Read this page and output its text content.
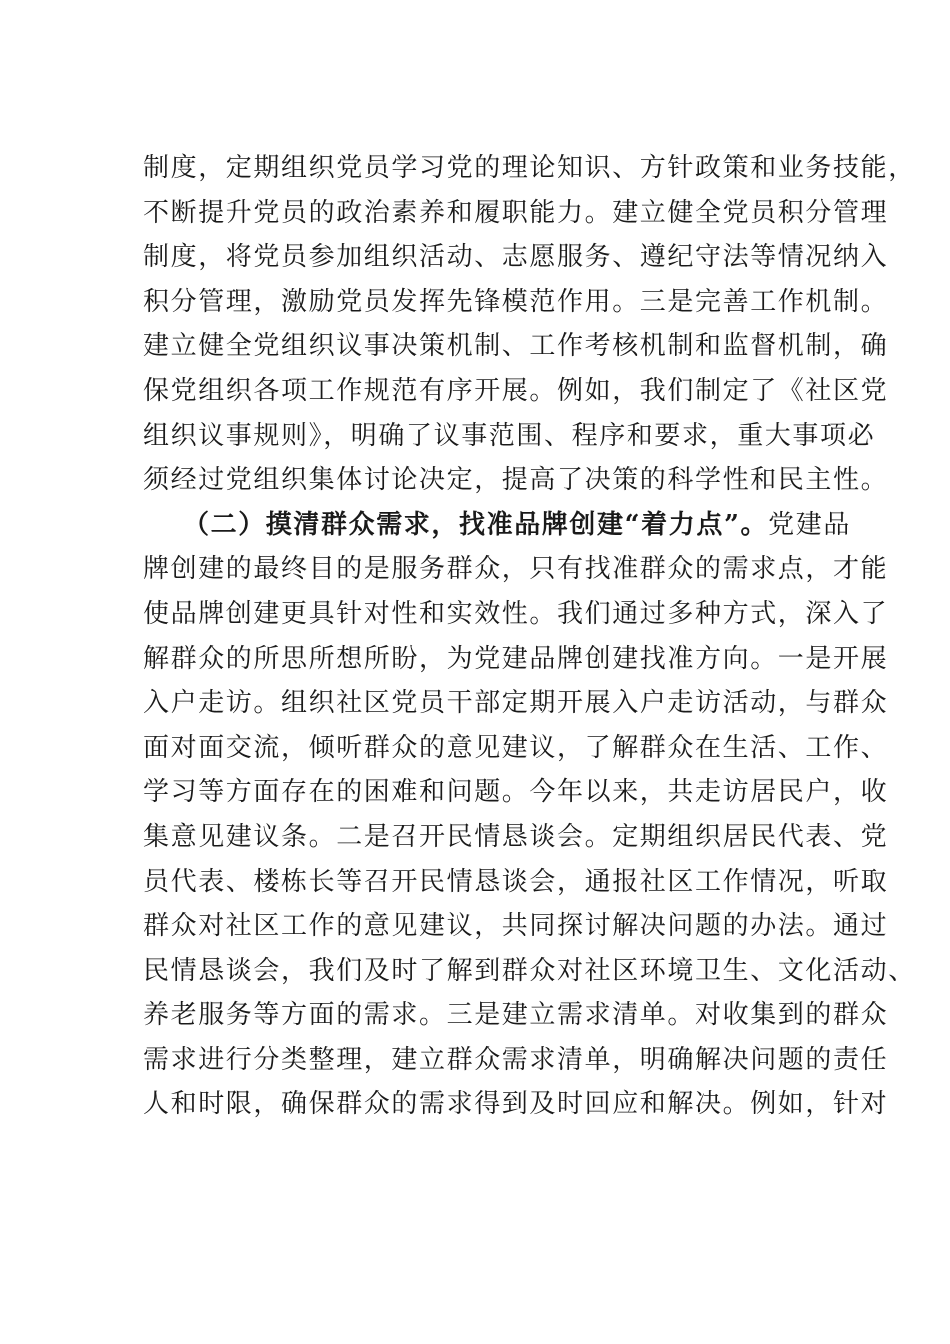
制度，定期组织党员学习党的理论知识、方针政策和业务技能，
不断提升党员的政治素养和履职能力。建立健全党员积分管理
制度，将党员参加组织活动、志愿服务、遵纪守法等情况纳入
积分管理，激励党员发挥先锋模范作用。三是完善工作机制。
建立健全党组织议事决策机制、工作考核机制和监督机制，确
保党组织各项工作规范有序开展。例如，我们制定了《社区党
组织议事规则》，明确了议事范围、程序和要求，重大事项必
须经过党组织集体讨论决定，提高了决策的科学性和民主性。
（二）摸清群众需求，找准品牌创建“着力点”。党建品
牌创建的最终目的是服务群众，只有找准群众的需求点，才能
使品牌创建更具针对性和实效性。我们通过多种方式，深入了
解群众的所思所想所盼，为党建品牌创建找准方向。一是开展
入户走访。组织社区党员干部定期开展入户走访活动，与群众
面对面交流，倾听群众的意见建议，了解群众在生活、工作、
学习等方面存在的困难和问题。今年以来，共走访居民户，收
集意见建议条。二是召开民情恳谈会。定期组织居民代表、党
员代表、楼栋长等召开民情恳谈会，通报社区工作情况，听取
群众对社区工作的意见建议，共同探讨解决问题的办法。通过
民情恳谈会，我们及时了解到群众对社区环境卫生、文化活动、
养老服务等方面的需求。三是建立需求清单。对收集到的群众
需求进行分类整理，建立群众需求清单，明确解决问题的责任
人和时限，确保群众的需求得到及时回应和解决。例如，针对
